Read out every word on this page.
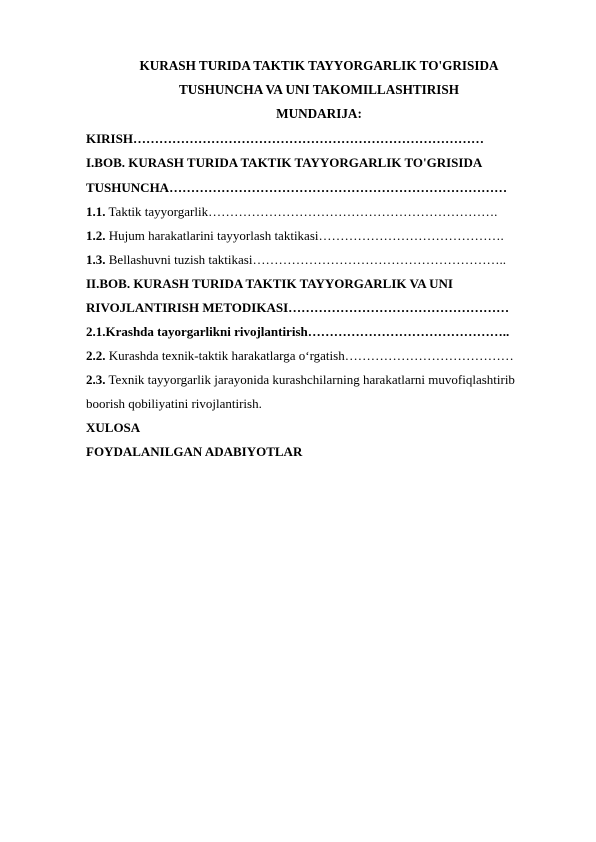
KURASH TURIDA TAKTIK TAYYORGARLIK TO'GRISIDA
TUSHUNCHA VA UNI TAKOMILLASHTIRISH
MUNDARIJA:
KIRISH………………………………………………………………………
I.BOB. KURASH TURIDA TAKTIK TAYYORGARLIK TO'GRISIDA
TUSHUNCHA……………………………………………………………………
1.1. Taktik tayyorgarlik………………………………………………………….
1.2. Hujum harakatlarini tayyorlash taktikasi…………………………………….
1.3. Bellashuvni tuzish taktikasi…………………………………………………..
II.BOB. KURASH TURIDA TAKTIK TAYYORGARLIK VA UNI
RIVOJLANTIRISH METODIKASI……………………………………………
2.1.Krashda tayorgarlikni rivojlantirish………………………………………..
2.2. Kurashda texnik-taktik harakatlarga o‘rgatish…………………………………
2.3. Texnik tayyorgarlik jarayonida kurashchilarning harakatlarni muvofiqlashtirib
boorish qobiliyatini rivojlantirish.
XULOSA
FOYDALANILGAN ADABIYOTLAR
